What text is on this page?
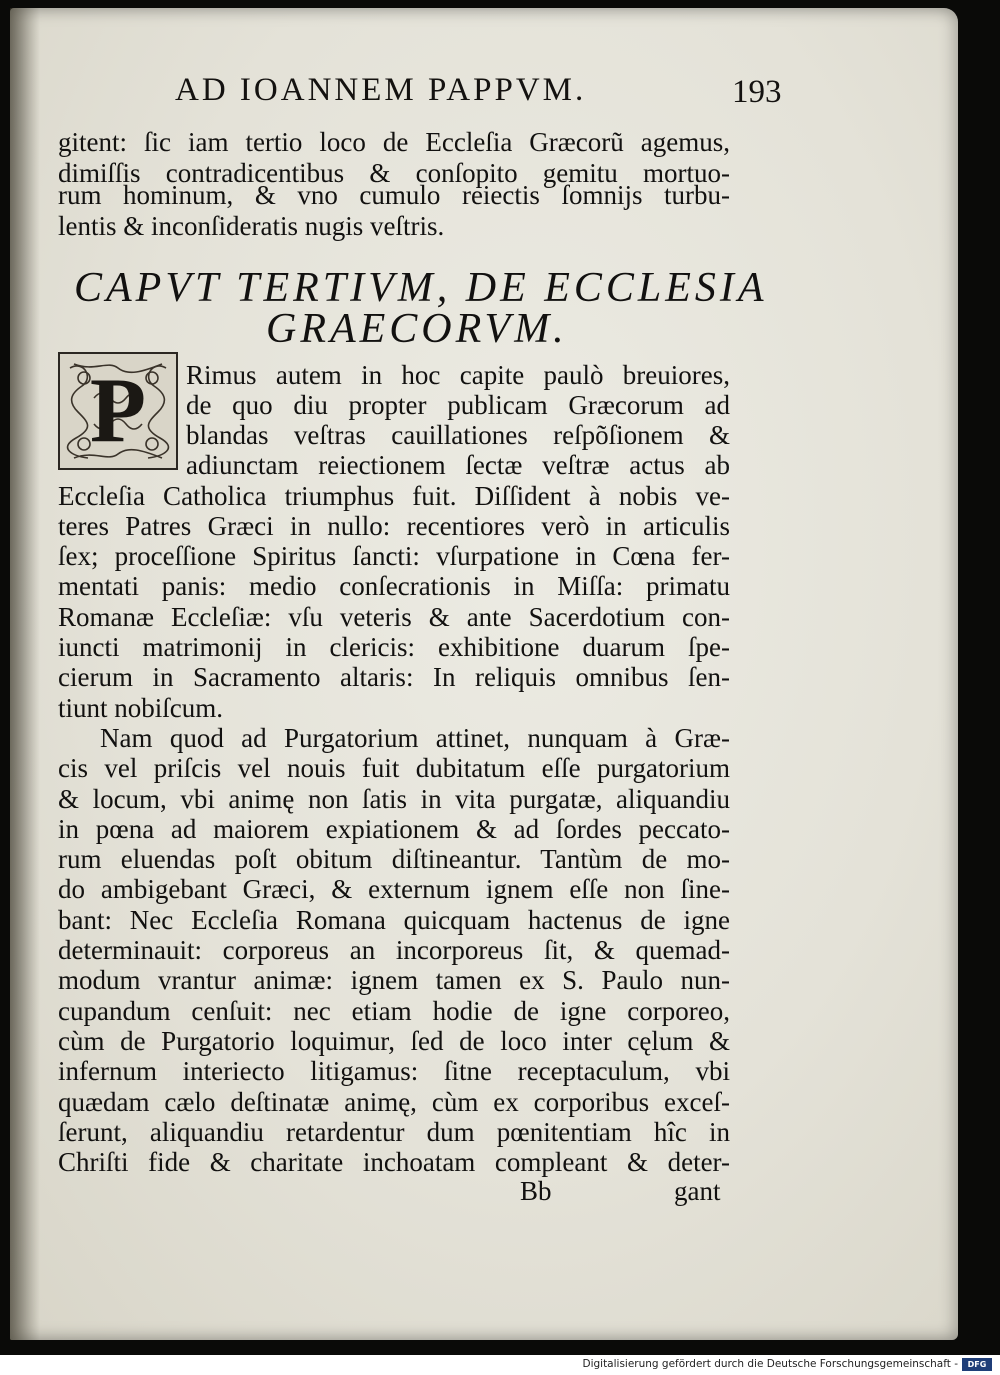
AD IOANNEM PAPPVM.	193
gitent: ſic iam tertio loco de Eccleſia Græcorũ agemus,
dimiſſis contradicentibus & conſopito gemitu mortuo-
rum hominum, & vno cumulo reiectis ſomnijs turbu-
lentis & inconſideratis nugis veſtris.
CAPVT TERTIVM, DE ECCLESIA
GRAECORVM.
P	Rimus autem in hoc capite paulò breuiores,
de quo diu propter publicam Græcorum ad
blandas veſtras cauillationes reſpõſionem &
adiunctam reiectionem ſectæ veſtræ actus ab
Eccleſia Catholica triumphus fuit. Diſſident à nobis ve-
teres Patres Græci in nullo: recentiores verò in articulis
ſex; proceſſione Spiritus ſancti: vſurpatione in Cœna fer-
mentati panis: medio conſecrationis in Miſſa: primatu
Romanæ Eccleſiæ: vſu veteris & ante Sacerdotium con-
iuncti matrimonij in clericis: exhibitione duarum ſpe-
cierum in Sacramento altaris: In reliquis omnibus ſen-
tiunt nobiſcum.
Nam quod ad Purgatorium attinet, nunquam à Græ-
cis vel priſcis vel nouis fuit dubitatum eſſe purgatorium
& locum, vbi animę non ſatis in vita purgatæ, aliquandiu
in pœna ad maiorem expiationem & ad ſordes peccato-
rum eluendas poſt obitum diſtineantur. Tantùm de mo-
do ambigebant Græci, & externum ignem eſſe non ſine-
bant: Nec Eccleſia Romana quicquam hactenus de igne
determinauit: corporeus an incorporeus ſit, & quemad-
modum vrantur animæ: ignem tamen ex S. Paulo nun-
cupandum cenſuit: nec etiam hodie de igne corporeo,
cùm de Purgatorio loquimur, ſed de loco inter cęlum &
infernum interiecto litigamus: ſitne receptaculum, vbi
quædam cælo deſtinatæ animę, cùm ex corporibus exceſ-
ſerunt, aliquandiu retardentur dum pœnitentiam hîc in
Chriſti fide & charitate inchoatam compleant & deter-
Bb	gant
Digitalisierung gefördert durch die Deutsche Forschungsgemeinschaft -	DFG
